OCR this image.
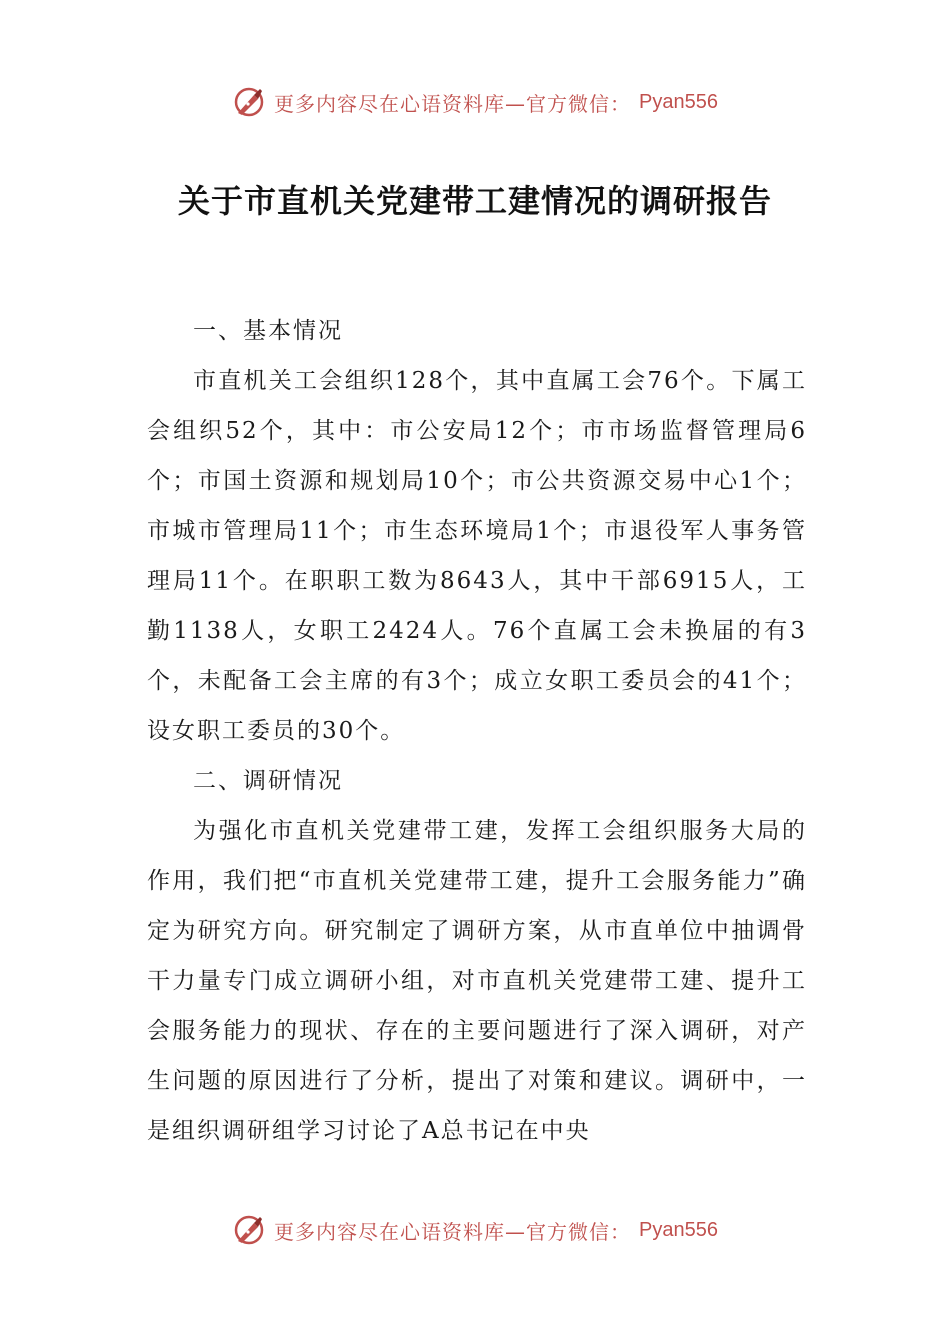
更多内容尽在心语资料库—官方微信： Pyan556
关于市直机关党建带工建情况的调研报告

一、基本情况

市直机关工会组织128个，其中直属工会76个。下属工会组织52个，其中：市公安局12个；市市场监督管理局6个；市国土资源和规划局10个；市公共资源交易中心1个；市城市管理局11个；市生态环境局1个；市退役军人事务管理局11个。在职职工数为8643人，其中干部6915人，工勤1138人，女职工2424人。76个直属工会未换届的有3个，未配备工会主席的有3个；成立女职工委员会的41个；设女职工委员的30个。

二、调研情况

为强化市直机关党建带工建，发挥工会组织服务大局的作用，我们把“市直机关党建带工建，提升工会服务能力”确定为研究方向。研究制定了调研方案，从市直单位中抽调骨干力量专门成立调研小组，对市直机关党建带工建、提升工会服务能力的现状、存在的主要问题进行了深入调研，对产生问题的原因进行了分析，提出了对策和建议。调研中，一是组织调研组学习讨论了A总书记在中央

更多内容尽在心语资料库—官方微信： Pyan556
